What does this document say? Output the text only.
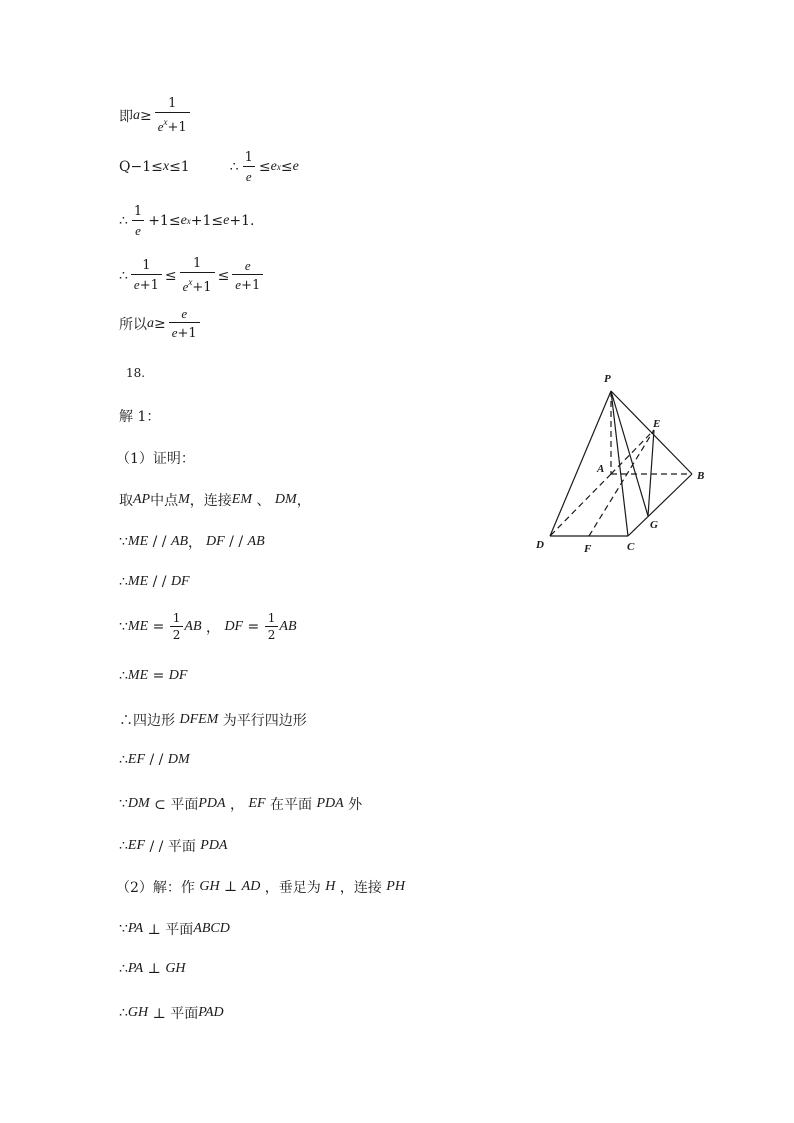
即 $a \ge \frac{1}{e^x+1}$
Q −1≤ x ≤1	∴ $\frac{1}{e} \le e$ x ≤ e
∴ $\frac{1}{e} +1\le e$ x +1≤ e +1.
∴ $\frac{1}{e+1} \le \frac{1}{e^x+1} \le \frac{e}{e+1}$
所以 $a \ge \frac{e}{e+1}$
18.
解 1：
（1）证明：
取 AP 中点 M ，连接 EM 、 DM ，
∵ ME / / AB ， DF / / AB
∴ ME / / DF
∵ ME = $\frac{1}{2}$ AB ， DF = $\frac{1}{2}$ AB
∴ ME = DF
∴四边形 DFEM 为平行四边形
∴ EF / / DM
∵ DM ⊂ 平面 PDA ， EF 在平面 PDA 外
∴ EF / / 平面 PDA
（2）解：作 GH ⊥ AD ，垂足为 H ，连接 PH
∵ PA ⊥ 平面 ABCD
∴ PA ⊥ GH
∴ GH ⊥ 平面 PAD
P
E
A
B
D	F	C
G
